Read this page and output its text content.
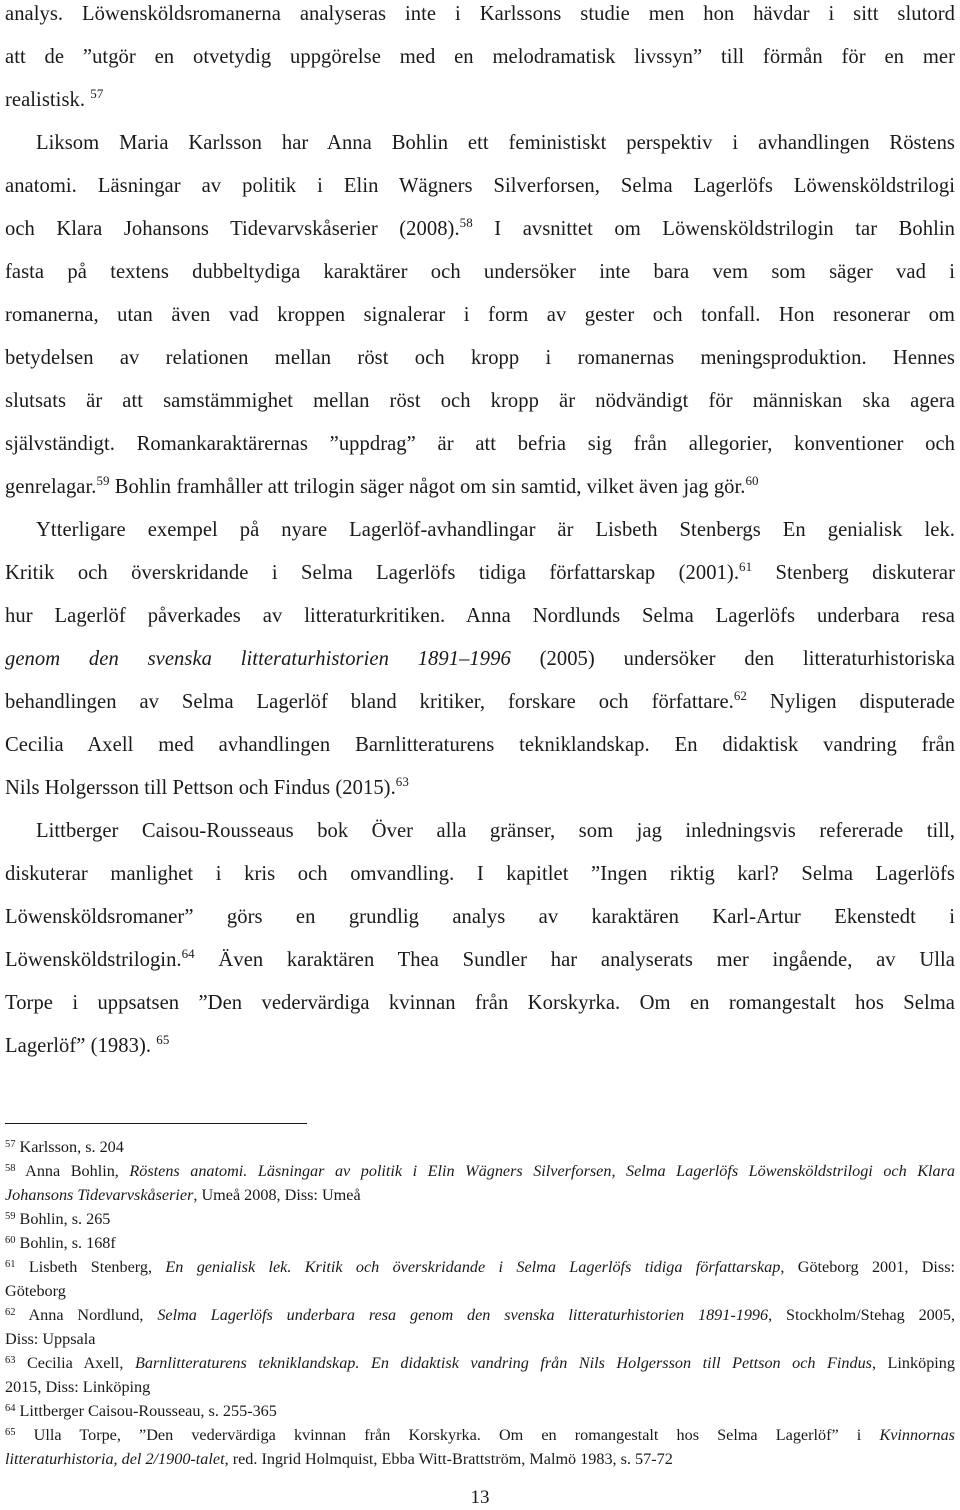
analys. Löwensköldsromanerna analyseras inte i Karlssons studie men hon hävdar i sitt slutord
att de ”utgör en otvetydig uppgörelse med en melodramatisk livssyn” till förmån för en mer
realistisk. $^{57}$
Liksom Maria Karlsson har Anna Bohlin ett feministiskt perspektiv i avhandlingen Röstens
anatomi. Läsningar av politik i Elin Wägners Silverforsen, Selma Lagerlöfs Löwensköldstrilogi
och Klara Johansons Tidevarvskåserier (2008).$^{58}$ I avsnittet om Löwensköldstrilogin tar Bohlin
fasta på textens dubbeltydiga karaktärer och undersöker inte bara vem som säger vad i
romanerna, utan även vad kroppen signalerar i form av gester och tonfall. Hon resonerar om
betydelsen av relationen mellan röst och kropp i romanernas meningsproduktion. Hennes
slutsats är att samstämmighet mellan röst och kropp är nödvändigt för människan ska agera
självständigt. Romankaraktärernas ”uppdrag” är att befria sig från allegorier, konventioner och
genrelagar.$^{59}$ Bohlin framhåller att trilogin säger något om sin samtid, vilket även jag gör.$^{60}$
Ytterligare exempel på nyare Lagerlöf-avhandlingar är Lisbeth Stenbergs En genialisk lek.
Kritik och överskridande i Selma Lagerlöfs tidiga författarskap (2001).$^{61}$ Stenberg diskuterar
hur Lagerlöf påverkades av litteraturkritiken. Anna Nordlunds Selma Lagerlöfs underbara resa
genom den svenska litteraturhistorien 1891–1996 (2005) undersöker den litteraturhistoriska
behandlingen av Selma Lagerlöf bland kritiker, forskare och författare.$^{62}$ Nyligen disputerade
Cecilia Axell med avhandlingen Barnlitteraturens tekniklandskap. En didaktisk vandring från
Nils Holgersson till Pettson och Findus (2015).$^{63}$
Littberger Caisou-Rousseaus bok Över alla gränser, som jag inledningsvis refererade till,
diskuterar manlighet i kris och omvandling. I kapitlet ”Ingen riktig karl? Selma Lagerlöfs
Löwensköldsromaner” görs en grundlig analys av karaktären Karl-Artur Ekenstedt i
Löwensköldstrilogin.$^{64}$ Även karaktären Thea Sundler har analyserats mer ingående, av Ulla
Torpe i uppsatsen ”Den vedervärdiga kvinnan från Korskyrka. Om en romangestalt hos Selma
Lagerlöf” (1983). $^{65}$
$^{57}$ Karlsson, s. 204
$^{58}$ Anna Bohlin, Röstens anatomi. Läsningar av politik i Elin Wägners Silverforsen, Selma Lagerlöfs Löwensköldstrilogi och Klara
Johansons Tidevarvskåserier, Umeå 2008, Diss: Umeå
$^{59}$ Bohlin, s. 265
$^{60}$ Bohlin, s. 168f
$^{61}$ Lisbeth Stenberg, En genialisk lek. Kritik och överskridande i Selma Lagerlöfs tidiga författarskap, Göteborg 2001, Diss:
Göteborg
$^{62}$ Anna Nordlund, Selma Lagerlöfs underbara resa genom den svenska litteraturhistorien 1891-1996, Stockholm/Stehag 2005,
Diss: Uppsala
$^{63}$ Cecilia Axell, Barnlitteraturens tekniklandskap. En didaktisk vandring från Nils Holgersson till Pettson och Findus, Linköping
2015, Diss: Linköping
$^{64}$ Littberger Caisou-Rousseau, s. 255-365
$^{65}$ Ulla Torpe, ”Den vedervärdiga kvinnan från Korskyrka. Om en romangestalt hos Selma Lagerlöf” i Kvinnornas
litteraturhistoria, del 2/1900-talet, red. Ingrid Holmquist, Ebba Witt-Brattström, Malmö 1983, s. 57-72
13
